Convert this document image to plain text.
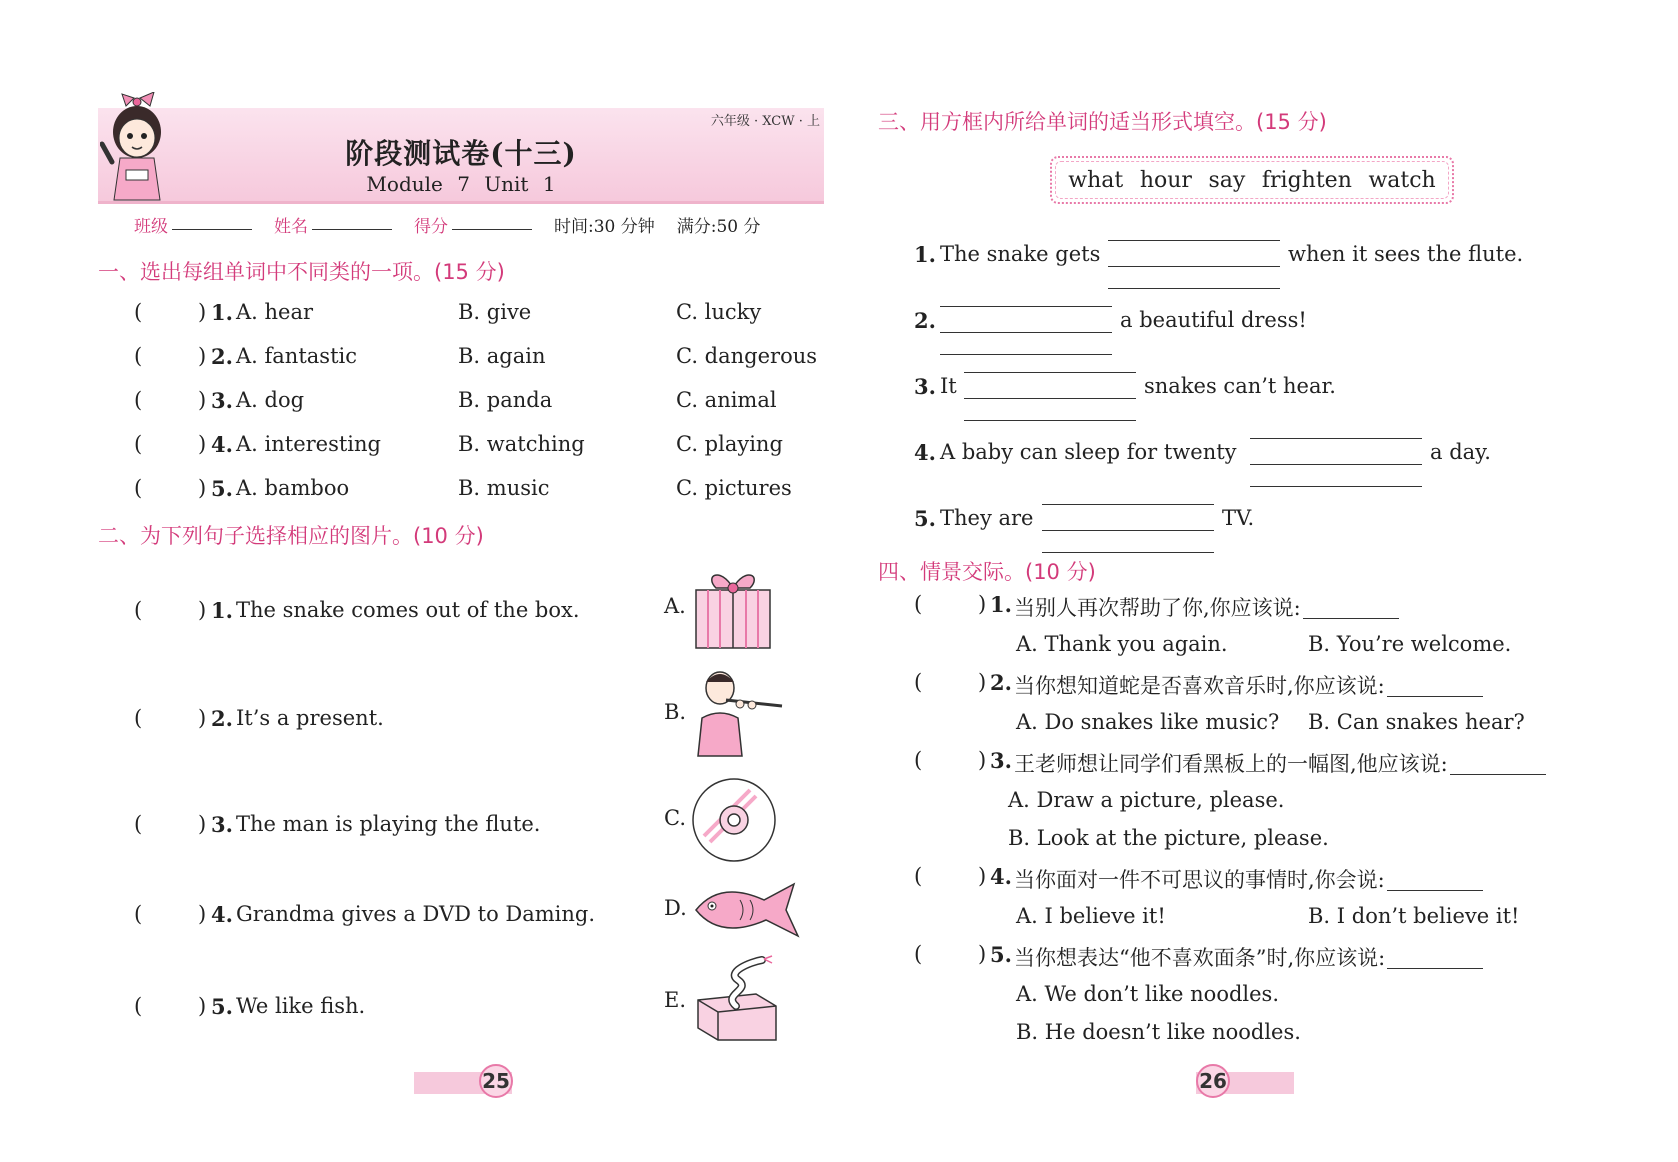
六年级 · XCW · 上
阶段测试卷(十三)
Module 7 Unit 1
班级	姓名	得分	时间:30 分钟 满分:50 分
一、选出每组单词中不同类的一项。(15 分)
二、为下列句子选择相应的图片。(10 分)
A.
B.
C.
D.
E.
25
三、用方框内所给单词的适当形式填空。(15 分)
what hour say frighten watch
四、情景交际。(10 分)
26
(	) 1. A. hear	B. give	C. lucky
(	) 2. A. fantastic	B. again	C. dangerous
(	) 3. A. dog	B. panda	C. animal
(	) 4. A. interesting	B. watching	C. playing
(	) 5. A. bamboo	B. music	C. pictures
(	) 1. The snake comes out of the box.
(	) 2. It’s a present.
(	) 3. The man is playing the flute.
(	) 4. Grandma gives a DVD to Daming.
(	) 5. We like fish.
1. The snake gets	when it sees the flute.
2.	a beautiful dress!
3. It	snakes can’t hear.
4. A baby can sleep for twenty	a day.
5. They are	TV.
(	) 1. 当别人再次帮助了你,你应该说:
A. Thank you again.	B. You’re welcome.
(	) 2. 当你想知道蛇是否喜欢音乐时,你应该说:
A. Do snakes like music? B. Can snakes hear?
(	) 3. 王老师想让同学们看黑板上的一幅图,他应该说:
A. Draw a picture, please.
B. Look at the picture, please.
(	) 4. 当你面对一件不可思议的事情时,你会说:
A. I believe it!	B. I don’t believe it!
(	) 5. 当你想表达“他不喜欢面条”时,你应该说:
A. We don’t like noodles.
B. He doesn’t like noodles.
